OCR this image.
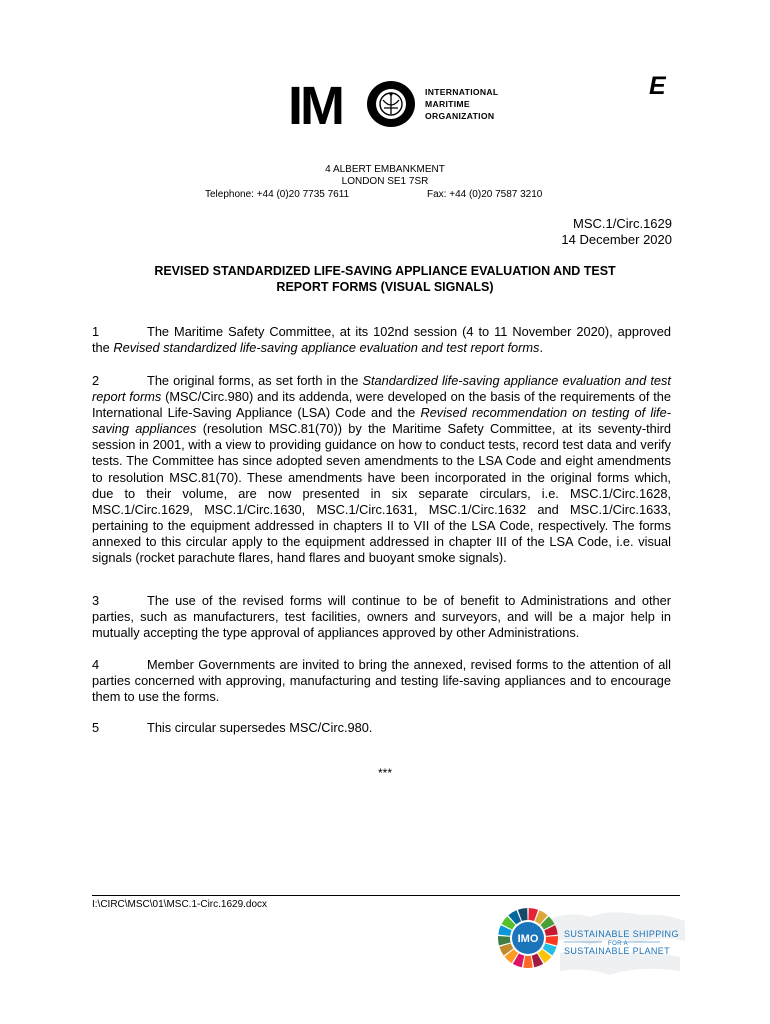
IM	INTERNATIONAL
MARITIME
ORGANIZATION
E
4 ALBERT EMBANKMENT
LONDON SE1 7SR
Telephone: +44 (0)20 7735 7611	Fax: +44 (0)20 7587 3210
MSC.1/Circ.1629
14 December 2020
REVISED STANDARDIZED LIFE-SAVING APPLIANCE EVALUATION AND TEST
REPORT FORMS (VISUAL SIGNALS)
1	The Maritime Safety Committee, at its 102nd session (4 to 11 November 2020), approved the Revised standardized life-saving appliance evaluation and test report forms.
2	The original forms, as set forth in the Standardized life-saving appliance evaluation and test report forms (MSC/Circ.980) and its addenda, were developed on the basis of the requirements of the International Life-Saving Appliance (LSA) Code and the Revised recommendation on testing of life-saving appliances (resolution MSC.81(70)) by the Maritime Safety Committee, at its seventy-third session in 2001, with a view to providing guidance on how to conduct tests, record test data and verify tests. The Committee has since adopted seven amendments to the LSA Code and eight amendments to resolution MSC.81(70). These amendments have been incorporated in the original forms which, due to their volume, are now presented in six separate circulars, i.e. MSC.1/Circ.1628, MSC.1/Circ.1629, MSC.1/Circ.1630, MSC.1/Circ.1631, MSC.1/Circ.1632 and MSC.1/Circ.1633, pertaining to the equipment addressed in chapters II to VII of the LSA Code, respectively. The forms annexed to this circular apply to the equipment addressed in chapter III of the LSA Code, i.e. visual signals (rocket parachute flares, hand flares and buoyant smoke signals).
3	The use of the revised forms will continue to be of benefit to Administrations and other parties, such as manufacturers, test facilities, owners and surveyors, and will be a major help in mutually accepting the type approval of appliances approved by other Administrations.
4	Member Governments are invited to bring the annexed, revised forms to the attention of all parties concerned with approving, manufacturing and testing life-saving appliances and to encourage them to use the forms.
5	This circular supersedes MSC/Circ.980.
***
I:\CIRC\MSC\01\MSC.1-Circ.1629.docx
IMO	SUSTAINABLE SHIPPING
FOR A
SUSTAINABLE PLANET
